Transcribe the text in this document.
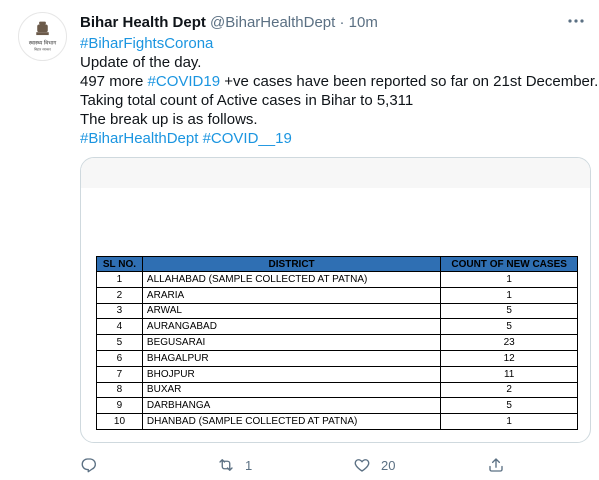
स्वास्थ्य विभाग
बिहार सरकार
Bihar Health Dept @BiharHealthDept · 10m
#BiharFightsCorona
Update of the day.
497 more #COVID19 +ve cases have been reported so far on 21st December.
Taking total count of Active cases in Bihar to 5,311
The break up is as follows.
#BiharHealthDept #COVID__19
SL NO.	DISTRICT	COUNT OF NEW CASES
1	ALLAHABAD (SAMPLE COLLECTED AT PATNA)	1
2	ARARIA	1
3	ARWAL	5
4	AURANGABAD	5
5	BEGUSARAI	23
6	BHAGALPUR	12
7	BHOJPUR	11
8	BUXAR	2
9	DARBHANGA	5
10	DHANBAD (SAMPLE COLLECTED AT PATNA)	1
1	20
